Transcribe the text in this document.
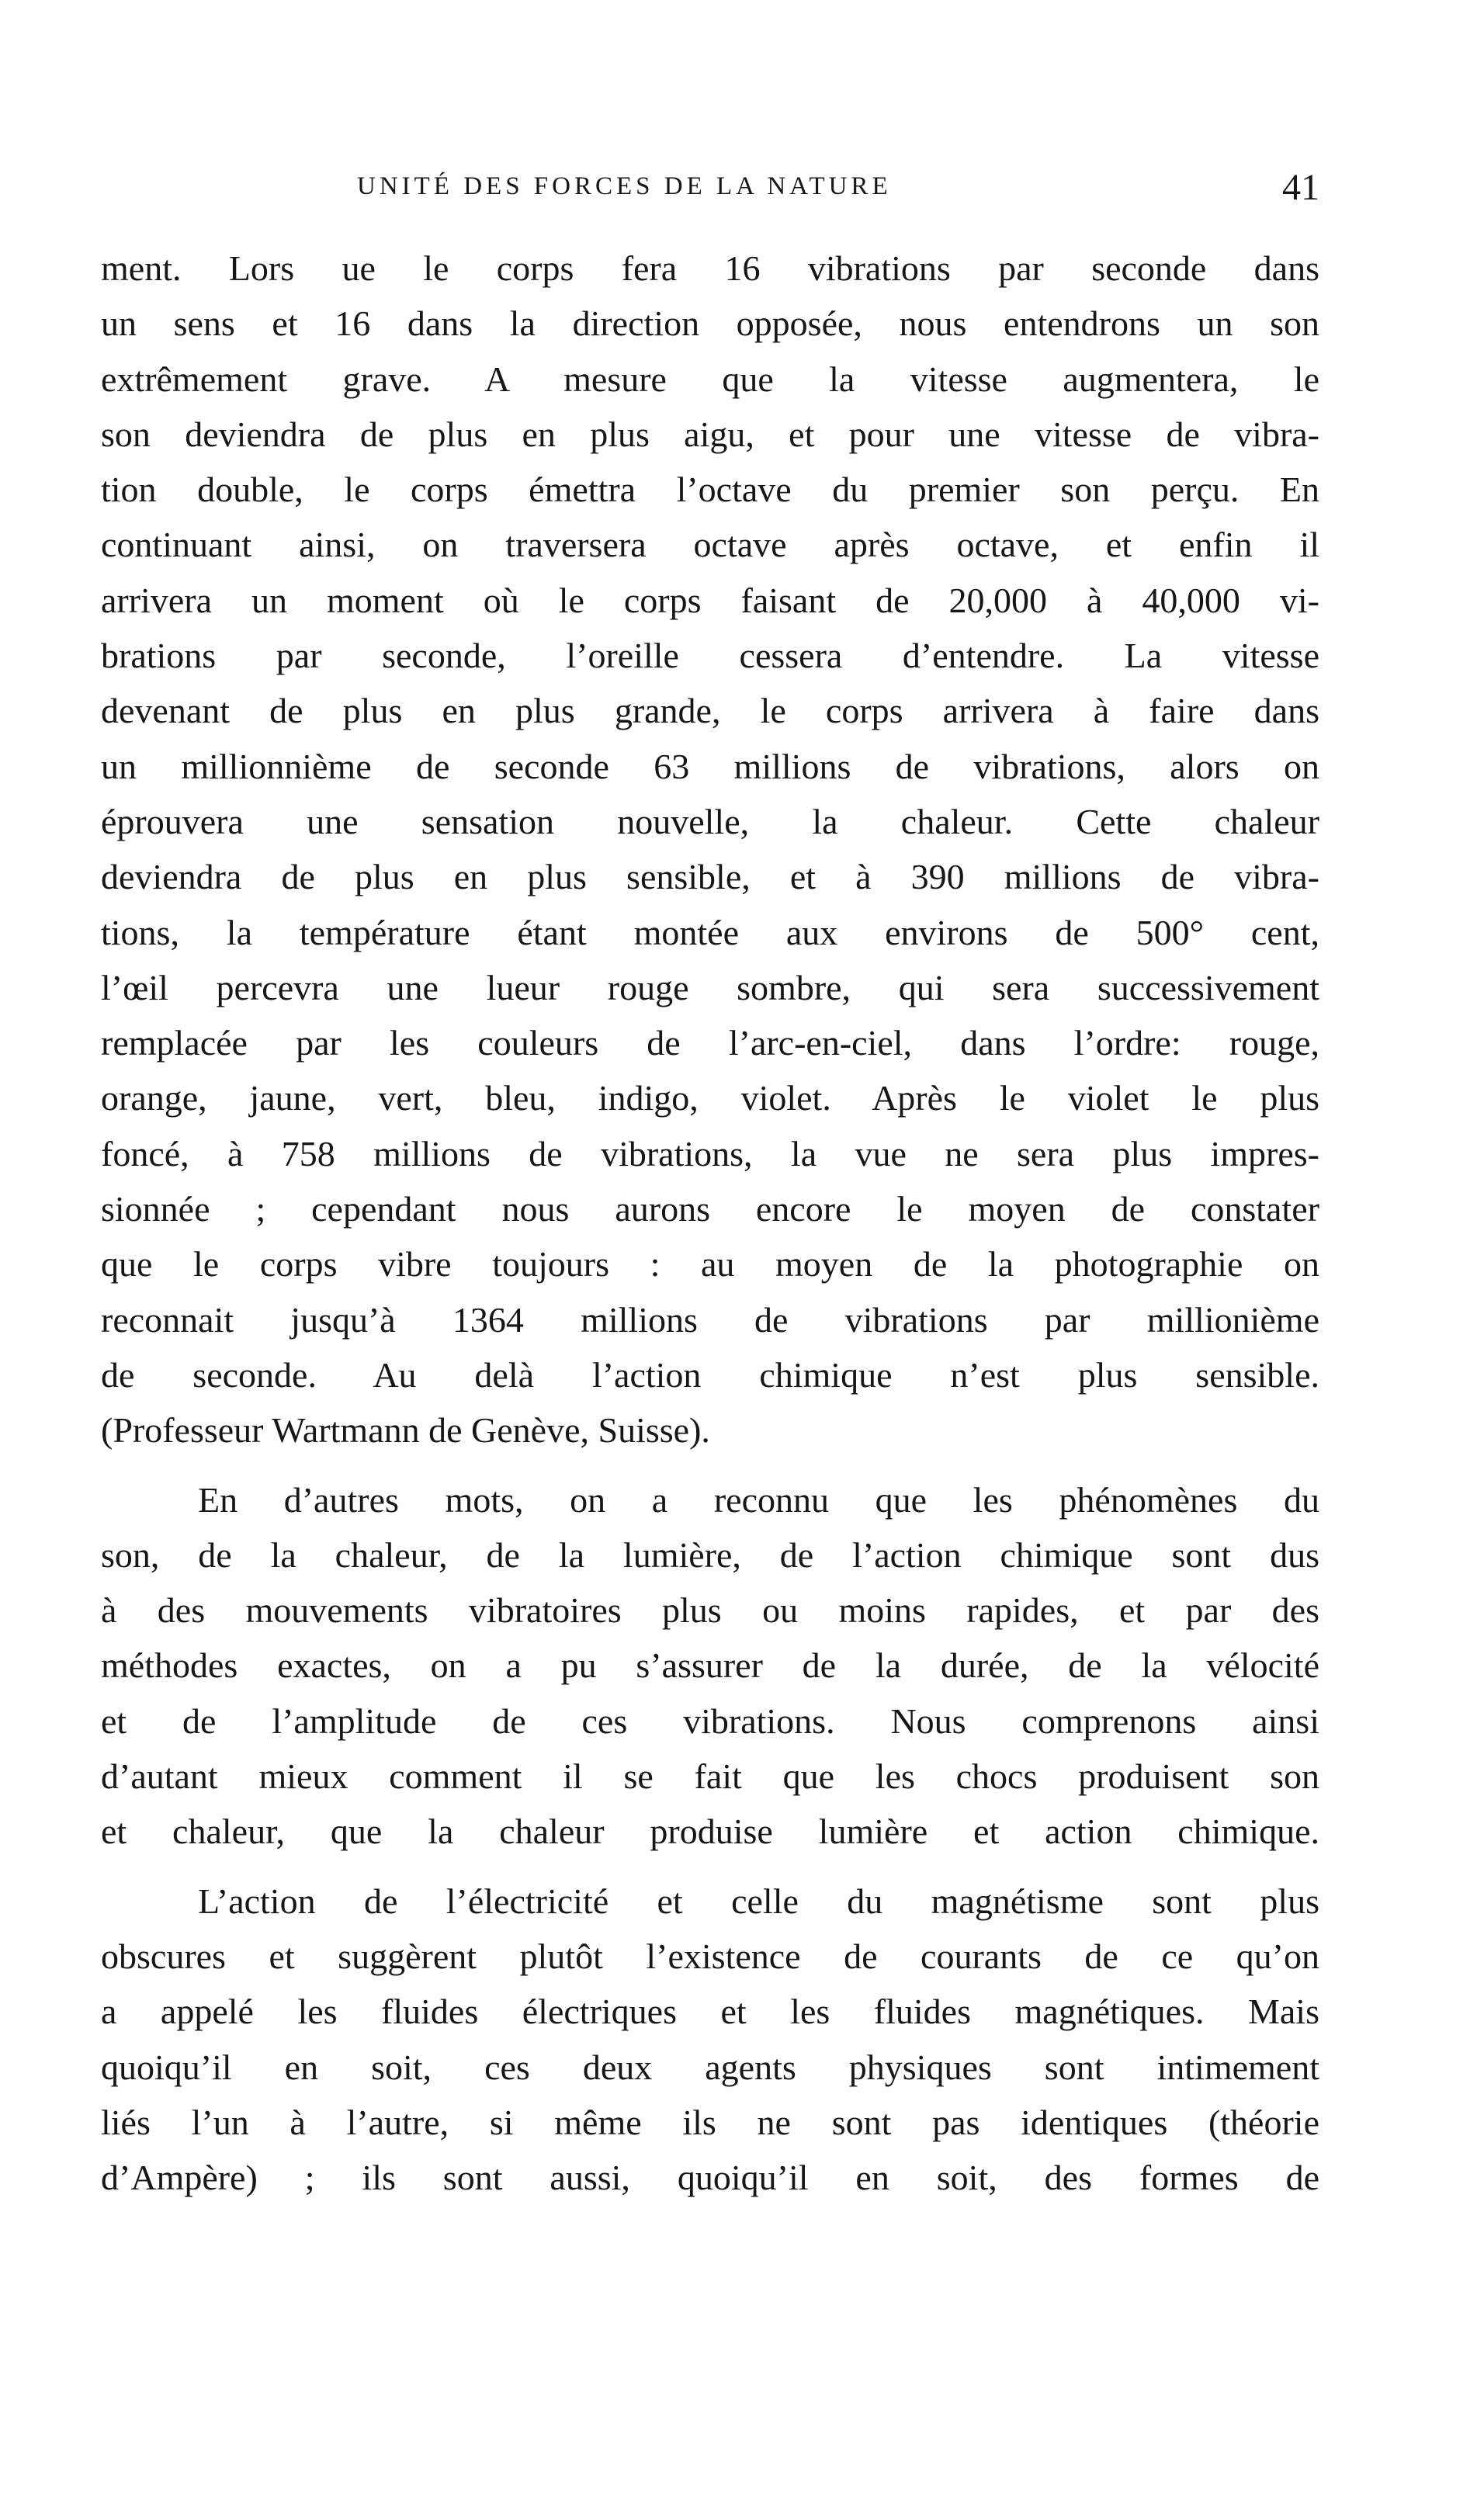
UNITÉ DES FORCES DE LA NATURE	41
ment. Lors ue le corps fera 16 vibrations par seconde dans
un sens et 16 dans la direction opposée, nous entendrons un son
extrêmement grave. A mesure que la vitesse augmentera, le
son deviendra de plus en plus aigu, et pour une vitesse de vibra-
tion double, le corps émettra l’octave du premier son perçu. En
continuant ainsi, on traversera octave après octave, et enfin il
arrivera un moment où le corps faisant de 20,000 à 40,000 vi-
brations par seconde, l’oreille cessera d’entendre. La vitesse
devenant de plus en plus grande, le corps arrivera à faire dans
un millionnième de seconde 63 millions de vibrations, alors on
éprouvera une sensation nouvelle, la chaleur. Cette chaleur
deviendra de plus en plus sensible, et à 390 millions de vibra-
tions, la température étant montée aux environs de 500° cent,
l’œil percevra une lueur rouge sombre, qui sera successivement
remplacée par les couleurs de l’arc-en-ciel, dans l’ordre: rouge,
orange, jaune, vert, bleu, indigo, violet. Après le violet le plus
foncé, à 758 millions de vibrations, la vue ne sera plus impres-
sionnée ; cependant nous aurons encore le moyen de constater
que le corps vibre toujours : au moyen de la photographie on
reconnait jusqu’à 1364 millions de vibrations par millionième
de seconde. Au delà l’action chimique n’est plus sensible.
(Professeur Wartmann de Genève, Suisse).
En d’autres mots, on a reconnu que les phénomènes du
son, de la chaleur, de la lumière, de l’action chimique sont dus
à des mouvements vibratoires plus ou moins rapides, et par des
méthodes exactes, on a pu s’assurer de la durée, de la vélocité
et de l’amplitude de ces vibrations. Nous comprenons ainsi
d’autant mieux comment il se fait que les chocs produisent son
et chaleur, que la chaleur produise lumière et action chimique.
L’action de l’électricité et celle du magnétisme sont plus
obscures et suggèrent plutôt l’existence de courants de ce qu’on
a appelé les fluides électriques et les fluides magnétiques. Mais
quoiqu’il en soit, ces deux agents physiques sont intimement
liés l’un à l’autre, si même ils ne sont pas identiques (théorie
d’Ampère) ; ils sont aussi, quoiqu’il en soit, des formes de
